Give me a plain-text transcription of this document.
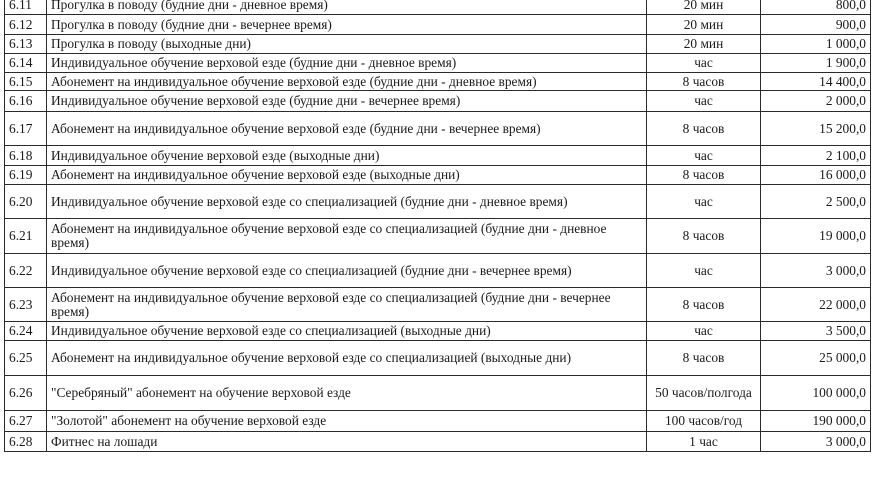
6.11	Прогулка в поводу (будние дни - дневное время)	20 мин	800,0
6.12	Прогулка в поводу (будние дни - вечернее время)	20 мин	900,0
6.13	Прогулка в поводу (выходные дни)	20 мин	1 000,0
6.14	Индивидуальное обучение верховой езде (будние дни - дневное время)	час	1 900,0
6.15	Абонемент на индивидуальное обучение верховой езде (будние дни - дневное время)	8 часов	14 400,0
6.16	Индивидуальное обучение верховой езде (будние дни - вечернее время)	час	2 000,0
6.17	Абонемент на индивидуальное обучение верховой езде (будние дни - вечернее время)	8 часов	15 200,0
6.18	Индивидуальное обучение верховой езде (выходные дни)	час	2 100,0
6.19	Абонемент на индивидуальное обучение верховой езде (выходные дни)	8 часов	16 000,0
6.20	Индивидуальное обучение верховой езде со специализацией (будние дни - дневное время)	час	2 500,0
6.21	Абонемент на индивидуальное обучение верховой езде со специализацией (будние дни - дневное время)	8 часов	19 000,0
6.22	Индивидуальное обучение верховой езде со специализацией (будние дни - вечернее время)	час	3 000,0
6.23	Абонемент на индивидуальное обучение верховой езде со специализацией (будние дни - вечернее время)	8 часов	22 000,0
6.24	Индивидуальное обучение верховой езде со специализацией (выходные дни)	час	3 500,0
6.25	Абонемент на индивидуальное обучение верховой езде со специализацией (выходные дни)	8 часов	25 000,0
6.26	"Серебряный" абонемент на обучение верховой езде	50 часов/полгода	100 000,0
6.27	"Золотой" абонемент на обучение верховой езде	100 часов/год	190 000,0
6.28	Фитнес на лошади	1 час	3 000,0
